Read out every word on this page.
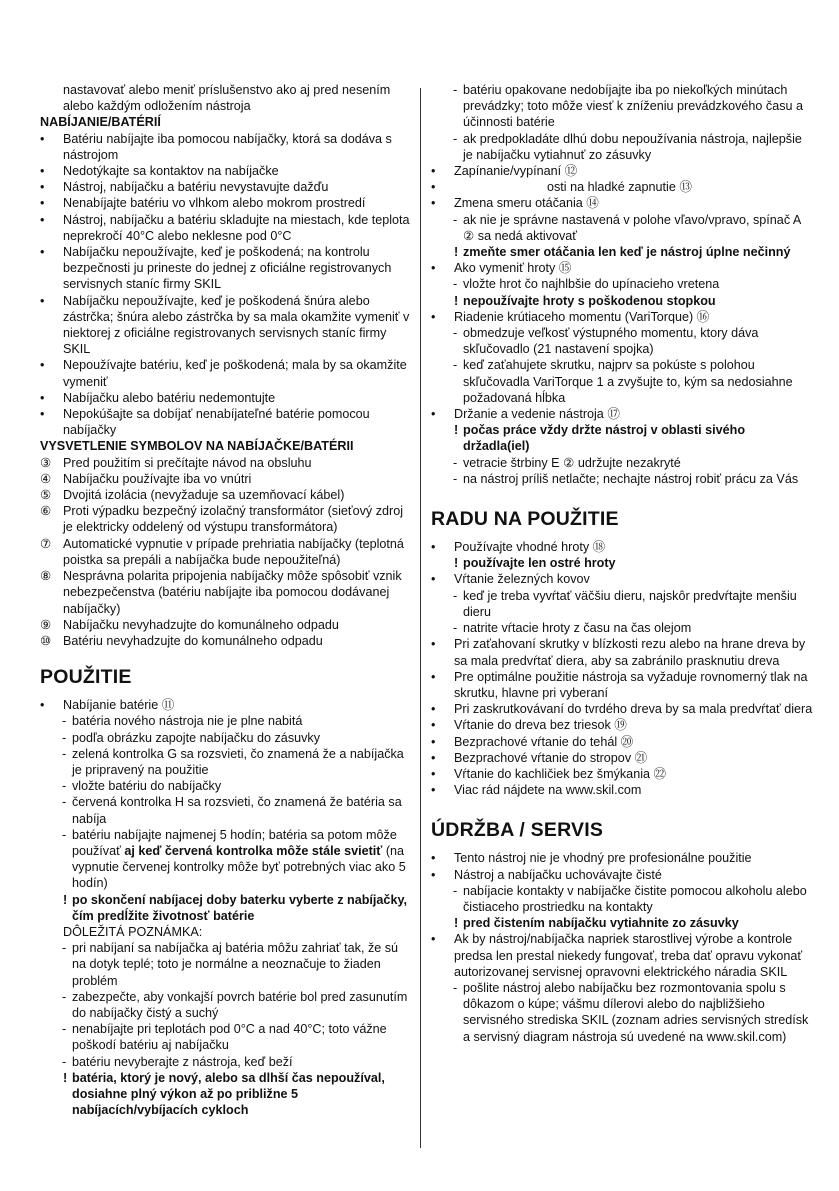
nastavovať alebo meniť príslušenstvo ako aj pred nesením alebo každým odložením nástroja

NABÍJANIE/BATÉRIÍ

• Batériu nabíjajte iba pomocou nabíjačky, ktorá sa dodáva s nástrojom

• Nedotýkajte sa kontaktov na nabíjačke

• Nástroj, nabíjačku a batériu nevystavujte dažďu

• Nenabíjajte batériu vo vlhkom alebo mokrom prostredí

• Nástroj, nabíjačku a batériu skladujte na miestach, kde teplota neprekročí 40°C alebo neklesne pod 0°C

• Nabíjačku nepoužívajte, keď je poškodená; na kontrolu bezpečnosti ju prineste do jednej z oficiálne registrovanych servisnych staníc firmy SKIL

• Nabíjačku nepoužívajte, keď je poškodená šnúra alebo zástrčka; šnúra alebo zástrčka by sa mala okamžite vymeniť v niektorej z oficiálne registrovanych servisnych staníc firmy SKIL

• Nepoužívajte batériu, keď je poškodená; mala by sa okamžite vymeniť

• Nabíjačku alebo batériu nedemontujte

• Nepokúšajte sa dobíjať nenabíjateľné batérie pomocou nabíjačky

VYSVETLENIE SYMBOLOV NA NABÍJAČKE/BATÉRII

③ Pred použitím si prečítajte návod na obsluhu

④ Nabíjačku používajte iba vo vnútri

⑤ Dvojitá izolácia (nevyžaduje sa uzemňovací kábel)

⑥ Proti výpadku bezpečný izolačný transformátor (sieťový zdroj je elektricky oddelený od výstupu transformátora)

⑦ Automatické vypnutie v prípade prehriatia nabíjačky (teplotná poistka sa prepáli a nabíjačka bude nepoužiteľná)

⑧ Nesprávna polarita pripojenia nabíjačky môže spôsobiť vznik nebezpečenstva (batériu nabíjajte iba pomocou dodávanej nabíjačky)

⑨ Nabíjačku nevyhadzujte do komunálneho odpadu

⑩ Batériu nevyhadzujte do komunálneho odpadu

POUŽITIE

• Nabíjanie batérie ⑪

- batéria nového nástroja nie je plne nabitá

- podľa obrázku zapojte nabíjačku do zásuvky

- zelená kontrolka G sa rozsvieti, čo znamená že a nabíjačka je pripravený na použitie

- vložte batériu do nabíjačky

- červená kontrolka H sa rozsvieti, čo znamená že batéria sa nabíja

- batériu nabíjajte najmenej 5 hodín; batéria sa potom môže používať aj keď červená kontrolka môže stále svietiť (na vypnutie červenej kontrolky môže byť potrebných viac ako 5 hodín)

! po skončení nabíjacej doby baterku vyberte z nabíjačky, čím predĺžite životnosť batérie

DÔLEŽITÁ POZNÁMKA:

- pri nabíjaní sa nabíjačka aj batéria môžu zahriať tak, že sú na dotyk teplé; toto je normálne a neoznačuje to žiaden problém

- zabezpečte, aby vonkajší povrch batérie bol pred zasunutím do nabíjačky čistý a suchý

- nenabíjajte pri teplotách pod 0°C a nad 40°C; toto vážne poškodí batériu aj nabíjačku

- batériu nevyberajte z nástroja, keď beží

! batéria, ktorý je nový, alebo sa dlhší čas nepoužíval, dosiahne plný výkon až po približne 5 nabíjacích/vybíjacích cykloch

- batériu opakovane nedobíjajte iba po niekoľkých minútach prevádzky; toto môže viesť k zníženiu prevádzkového času a účinnosti batérie

- ak predpokladáte dlhú dobu nepoužívania nástroja, najlepšie je nabíjačku vytiahnuť zo zásuvky

• Zapínanie/vypínaní ⑫

• osti na hladké zapnutie ⑬

• Zmena smeru otáčania ⑭

- ak nie je správne nastavená v polohe vľavo/vpravo, spínač A ② sa nedá aktivovať

! zmeňte smer otáčania len keď je nástroj úplne nečinný

• Ako vymeniť hroty ⑮

- vložte hrot čo najhlbšie do upínacieho vretena

! nepoužívajte hroty s poškodenou stopkou

• Riadenie krútiaceho momentu (VariTorque) ⑯

- obmedzuje veľkosť výstupného momentu, ktory dáva skľučovadlo (21 nastavení spojka)

- keď zaťahujete skrutku, najprv sa pokúste s polohou skľučovadla VariTorque 1 a zvyšujte to, kým sa nedosiahne požadovaná hĺbka

• Držanie a vedenie nástroja ⑰

! počas práce vždy držte nástroj v oblasti sivého držadla(iel)

- vetracie štrbiny E ② udržujte nezakryté

- na nástroj príliš netlačte; nechajte nástroj robiť prácu za Vás

RADU NA POUŽITIE

• Používajte vhodné hroty ⑱

! používajte len ostré hroty

• Vŕtanie železných kovov

- keď je treba vyvŕtať väčšiu dieru, najskôr predvŕtajte menšiu dieru

- natrite vŕtacie hroty z času na čas olejom

• Pri zaťahovaní skrutky v blízkosti rezu alebo na hrane dreva by sa mala predvŕtať diera, aby sa zabránilo prasknutiu dreva

• Pre optimálne použitie nástroja sa vyžaduje rovnomerný tlak na skrutku, hlavne pri vyberaní

• Pri zaskrutkovávaní do tvrdého dreva by sa mala predvŕtať diera

• Vŕtanie do dreva bez triesok ⑲

• Bezprachové vŕtanie do tehál ⑳

• Bezprachové vŕtanie do stropov ㉑

• Vŕtanie do kachličiek bez šmýkania ㉒

• Viac rád nájdete na www.skil.com

ÚDRŽBA / SERVIS

• Tento nástroj nie je vhodný pre profesionálne použitie

• Nástroj a nabíjačku uchovávajte čisté

- nabíjacie kontakty v nabíjačke čistite pomocou alkoholu alebo čistiaceho prostriedku na kontakty

! pred čistením nabíjačku vytiahnite zo zásuvky

• Ak by nástroj/nabíjačka napriek starostlivej výrobe a kontrole predsa len prestal niekedy fungovať, treba dať opravu vykonať autorizovanej servisnej opravovni elektrického náradia SKIL

- pošlite nástroj alebo nabíjačku bez rozmontovania spolu s dôkazom o kúpe; vášmu dílerovi alebo do najbližšieho servisného strediska SKIL (zoznam adries servisných stredísk a servisný diagram nástroja sú uvedené na www.skil.com)
